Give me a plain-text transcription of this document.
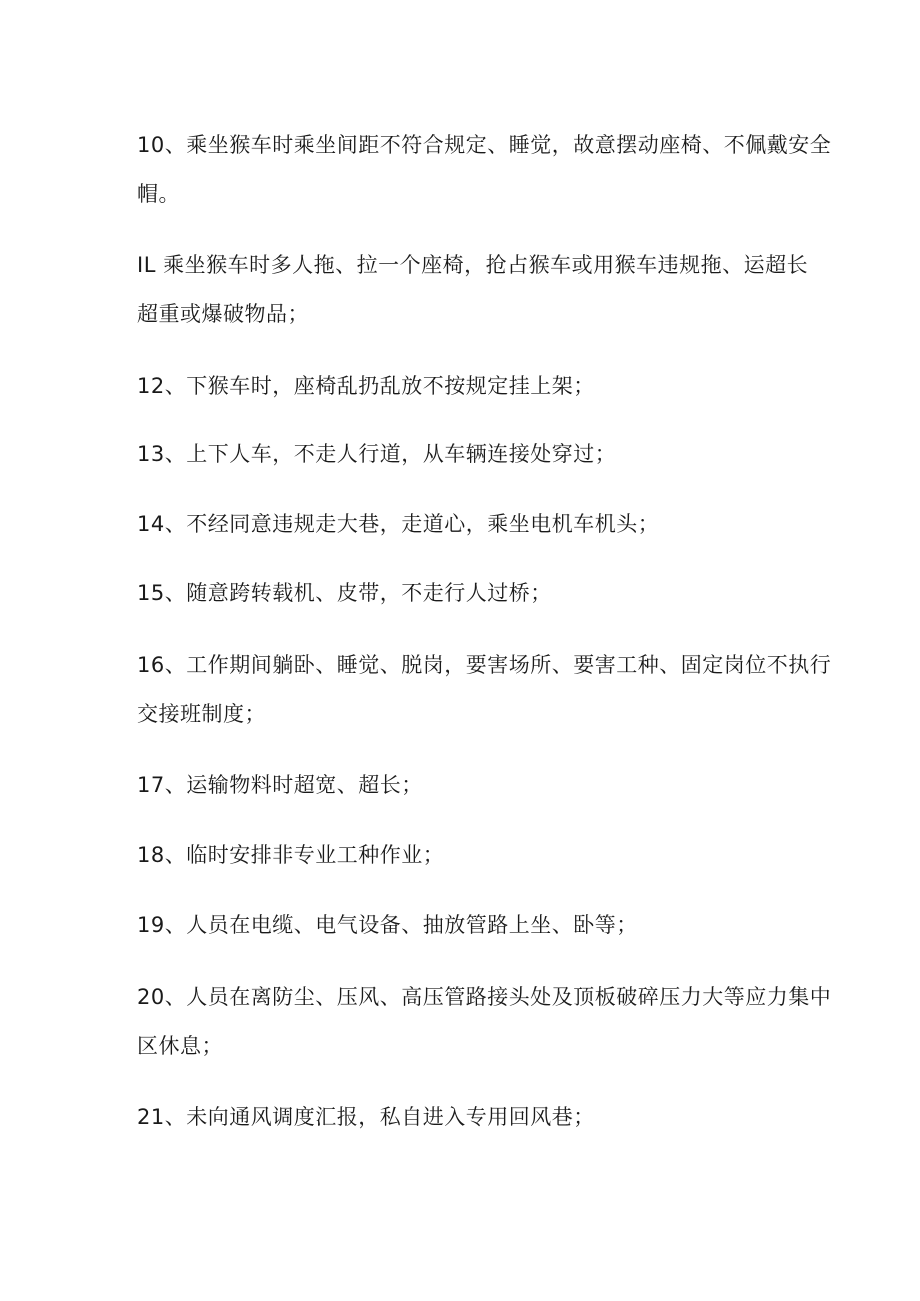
10、乘坐猴车时乘坐间距不符合规定、睡觉，故意摆动座椅、不佩戴安全
帽。

IL 乘坐猴车时多人拖、拉一个座椅，抢占猴车或用猴车违规拖、运超长
超重或爆破物品；

12、下猴车时，座椅乱扔乱放不按规定挂上架；

13、上下人车，不走人行道，从车辆连接处穿过；

14、不经同意违规走大巷，走道心，乘坐电机车机头；

15、随意跨转载机、皮带，不走行人过桥；

16、工作期间躺卧、睡觉、脱岗，要害场所、要害工种、固定岗位不执行
交接班制度；

17、运输物料时超宽、超长；

18、临时安排非专业工种作业；

19、人员在电缆、电气设备、抽放管路上坐、卧等；

20、人员在离防尘、压风、高压管路接头处及顶板破碎压力大等应力集中
区休息；

21、未向通风调度汇报，私自进入专用回风巷；
